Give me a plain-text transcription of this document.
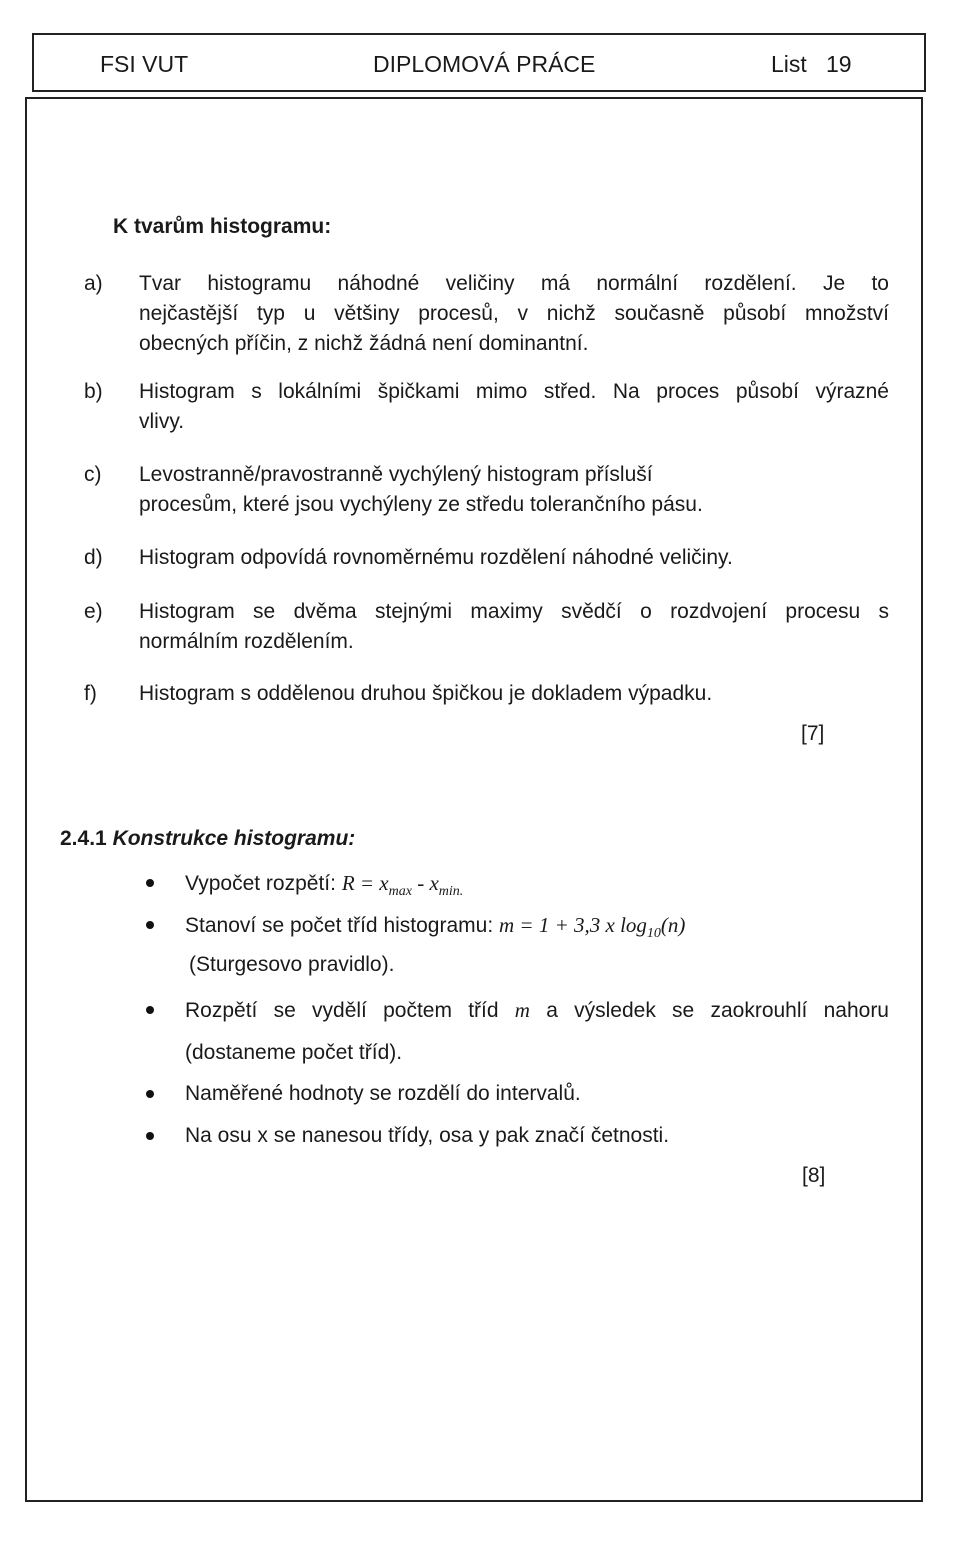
FSI VUT	DIPLOMOVÁ PRÁCE	List   19
K tvarům histogramu:
a)	Tvar histogramu náhodné veličiny má normální rozdělení. Je to
nejčastější typ u většiny procesů, v nichž současně působí množství
obecných příčin, z nichž žádná není dominantní.
b)	Histogram s lokálními špičkami mimo střed. Na proces působí výrazné
vlivy.
c)	Levostranně/pravostranně vychýlený histogram přísluší
procesům, které jsou vychýleny ze středu tolerančního pásu.
d)	Histogram odpovídá rovnoměrnému rozdělení náhodné veličiny.
e)	Histogram se dvěma stejnými maximy svědčí o rozdvojení procesu s
normálním rozdělením.
f)	Histogram s oddělenou druhou špičkou je dokladem výpadku.
[7]
2.4.1 Konstrukce histogramu:
Vypočet rozpětí: $R = x_{max} - x_{min.}$
Stanoví se počet tříd histogramu: m = 1 + 3,3 x $\log_{10}(n)$
(Sturgesovo pravidlo).
Rozpětí se vydělí počtem tříd m a výsledek se zaokrouhlí nahoru
(dostaneme počet tříd).
Naměřené hodnoty se rozdělí do intervalů.
Na osu x se nanesou třídy, osa y pak značí četnosti.
[8]
